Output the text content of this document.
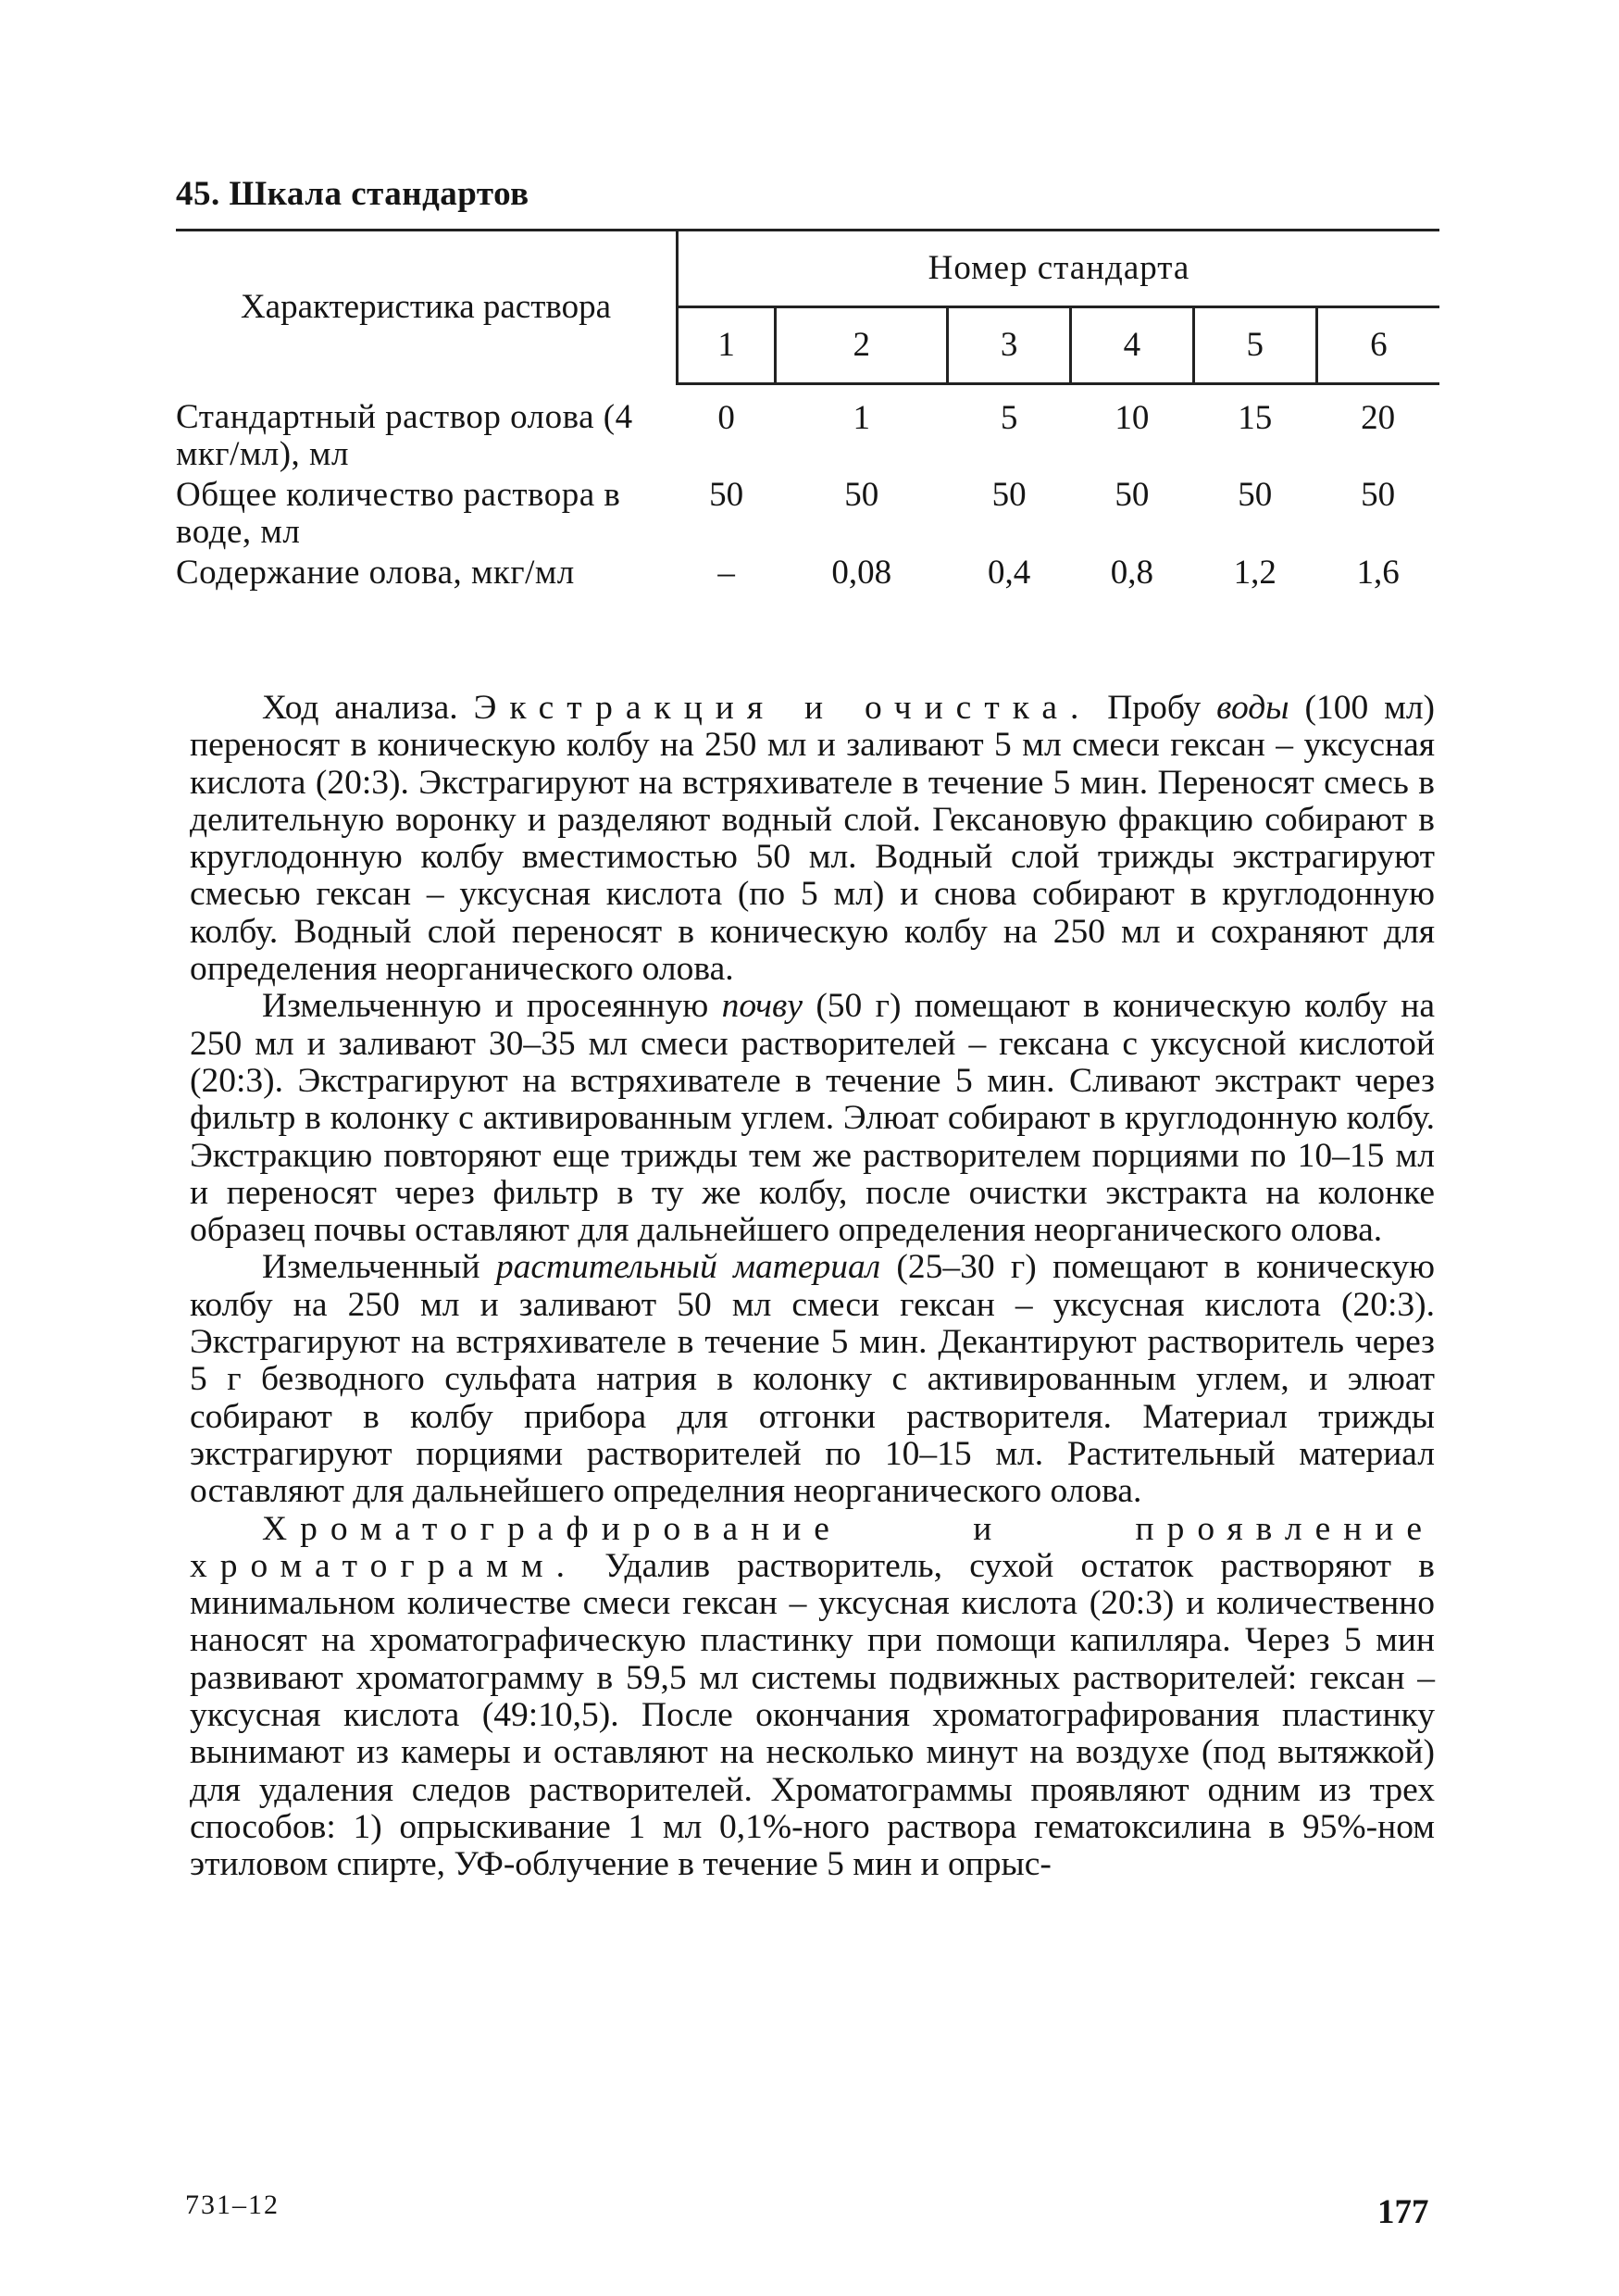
45. Шкала стандартов
Характеристика раствора	Номер стандарта					
	1	2	3	4	5	6
Стандартный раствор олова (4 мкг/мл), мл	0	1	5	10	15	20
Общее количество раствора в воде, мл	50	50	50	50	50	50
Содержание олова, мкг/мл	–	0,08	0,4	0,8	1,2	1,6

Ход анализа. Экстракция и очистка. Пробу воды (100 мл) переносят в коническую колбу на 250 мл и заливают 5 мл смеси гексан – уксусная кислота (20:3). Экстрагируют на встряхивателе в течение 5 мин. Переносят смесь в делительную воронку и разделяют водный слой. Гексановую фракцию собирают в круглодонную колбу вместимостью 50 мл. Водный слой трижды экстрагируют смесью гексан – уксусная кислота (по 5 мл) и снова собирают в круглодонную колбу. Водный слой переносят в коническую колбу на 250 мл и сохраняют для определения неорганического олова.

Измельченную и просеянную почву (50 г) помещают в коническую колбу на 250 мл и заливают 30–35 мл смеси растворителей – гексана с уксусной кислотой (20:3). Экстрагируют на встряхивателе в течение 5 мин. Сливают экстракт через фильтр в колонку с активированным углем. Элюат собирают в круглодонную колбу. Экстракцию повторяют еще трижды тем же растворителем порциями по 10–15 мл и переносят через фильтр в ту же колбу, после очистки экстракта на колонке образец почвы оставляют для дальнейшего определения неорганического олова.

Измельченный растительный материал (25–30 г) помещают в коническую колбу на 250 мл и заливают 50 мл смеси гексан – уксусная кислота (20:3). Экстрагируют на встряхивателе в течение 5 мин. Декантируют растворитель через 5 г безводного сульфата натрия в колонку с активированным углем, и элюат собирают в колбу прибора для отгонки растворителя. Материал трижды экстрагируют порциями растворителей по 10–15 мл. Растительный материал оставляют для дальнейшего определния неорганического олова.

Хроматографирование и проявление хроматограмм. Удалив растворитель, сухой остаток растворяют в минимальном количестве смеси гексан – уксусная кислота (20:3) и количественно наносят на хроматографическую пластинку при помощи капилляра. Через 5 мин развивают хроматограмму в 59,5 мл системы подвижных растворителей: гексан – уксусная кислота (49:10,5). После окончания хроматографирования пластинку вынимают из камеры и оставляют на несколько минут на воздухе (под вытяжкой) для удаления следов растворителей. Хроматограммы проявляют одним из трех способов: 1) опрыскивание 1 мл 0,1%-ного раствора гематоксилина в 95%-ном этиловом спирте, УФ-облучение в течение 5 мин и опрыс-

731–12	177
